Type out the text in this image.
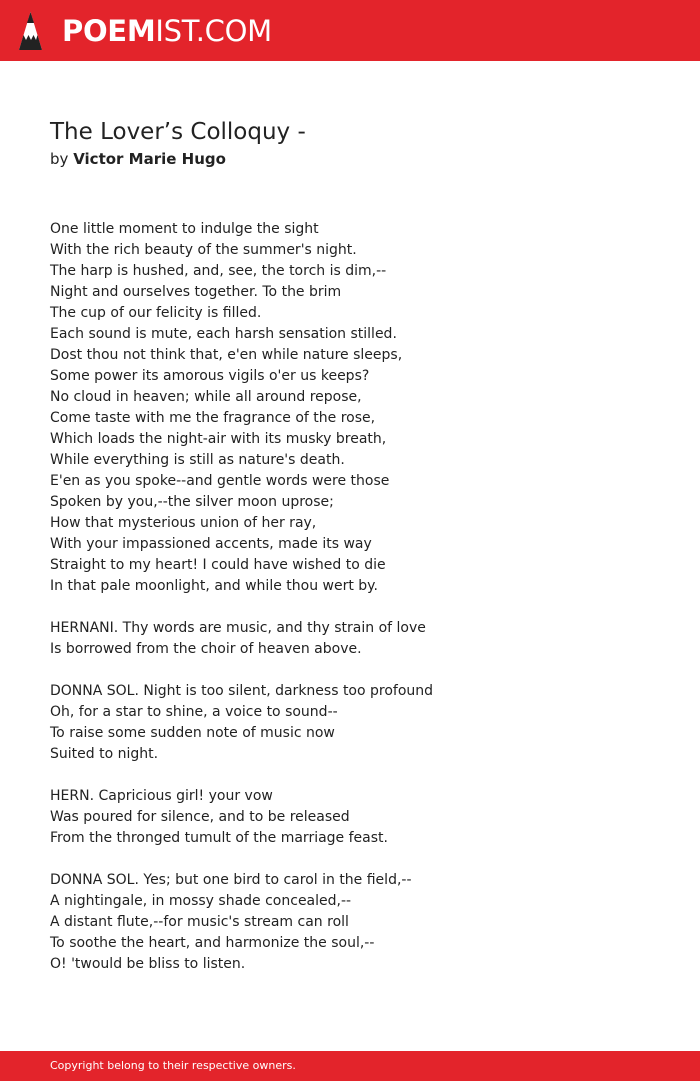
POEMIST.COM
The Lover’s Colloquy -
by Victor Marie Hugo
One little moment to indulge the sight
With the rich beauty of the summer's night.
The harp is hushed, and, see, the torch is dim,--
Night and ourselves together. To the brim
The cup of our felicity is filled.
Each sound is mute, each harsh sensation stilled.
Dost thou not think that, e'en while nature sleeps,
Some power its amorous vigils o'er us keeps?
No cloud in heaven; while all around repose,
Come taste with me the fragrance of the rose,
Which loads the night-air with its musky breath,
While everything is still as nature's death.
E'en as you spoke--and gentle words were those
Spoken by you,--the silver moon uprose;
How that mysterious union of her ray,
With your impassioned accents, made its way
Straight to my heart! I could have wished to die
In that pale moonlight, and while thou wert by.
HERNANI. Thy words are music, and thy strain of love
Is borrowed from the choir of heaven above.
DONNA SOL. Night is too silent, darkness too profound
Oh, for a star to shine, a voice to sound--
To raise some sudden note of music now
Suited to night.
HERN. Capricious girl! your vow
Was poured for silence, and to be released
From the thronged tumult of the marriage feast.
DONNA SOL. Yes; but one bird to carol in the field,--
A nightingale, in mossy shade concealed,--
A distant flute,--for music's stream can roll
To soothe the heart, and harmonize the soul,--
O! 'twould be bliss to listen.
Copyright belong to their respective owners.
